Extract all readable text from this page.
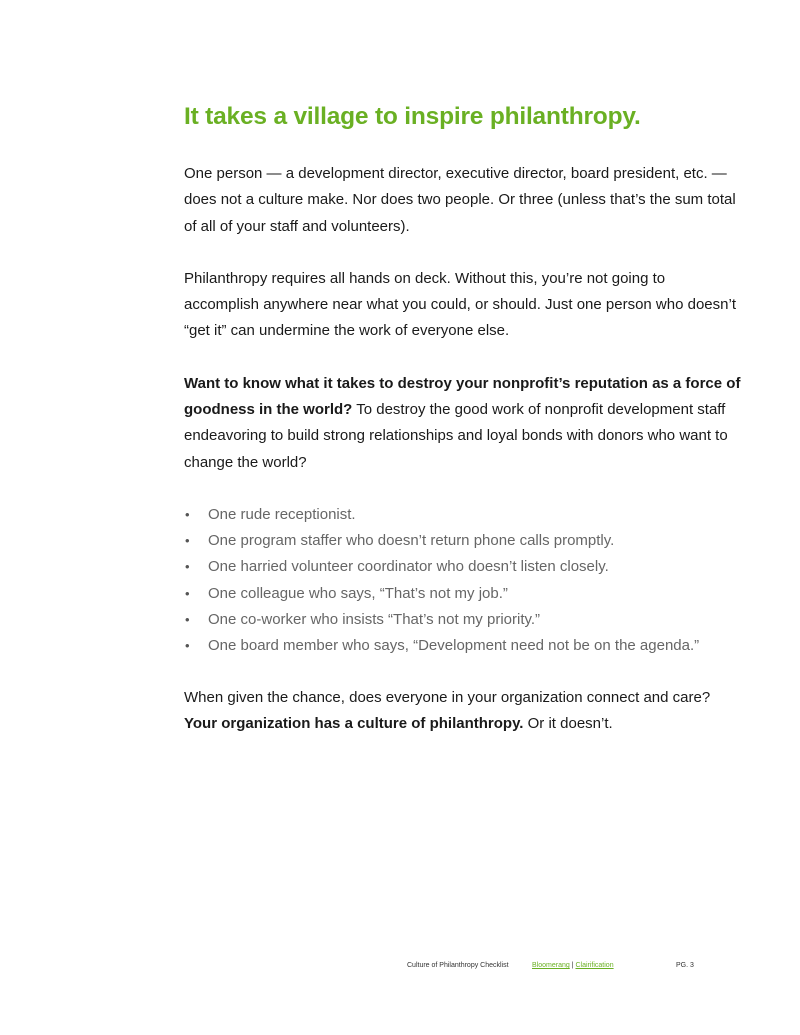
It takes a village to inspire philanthropy.

One person — a development director, executive director, board president, etc. — does not a culture make. Nor does two people. Or three (unless that’s the sum total of all of your staff and volunteers).

Philanthropy requires all hands on deck. Without this, you’re not going to accomplish anywhere near what you could, or should. Just one person who doesn’t “get it” can undermine the work of everyone else.

Want to know what it takes to destroy your nonprofit’s reputation as a force of goodness in the world? To destroy the good work of nonprofit development staff endeavoring to build strong relationships and loyal bonds with donors who want to change the world?

• One rude receptionist.
• One program staffer who doesn’t return phone calls promptly.
• One harried volunteer coordinator who doesn’t listen closely.
• One colleague who says, “That’s not my job.”
• One co-worker who insists “That’s not my priority.”
• One board member who says, “Development need not be on the agenda.”

When given the chance, does everyone in your organization connect and care?
Your organization has a culture of philanthropy. Or it doesn’t.

Culture of Philanthropy Checklist	Bloomerang | Clairification	PG. 3
